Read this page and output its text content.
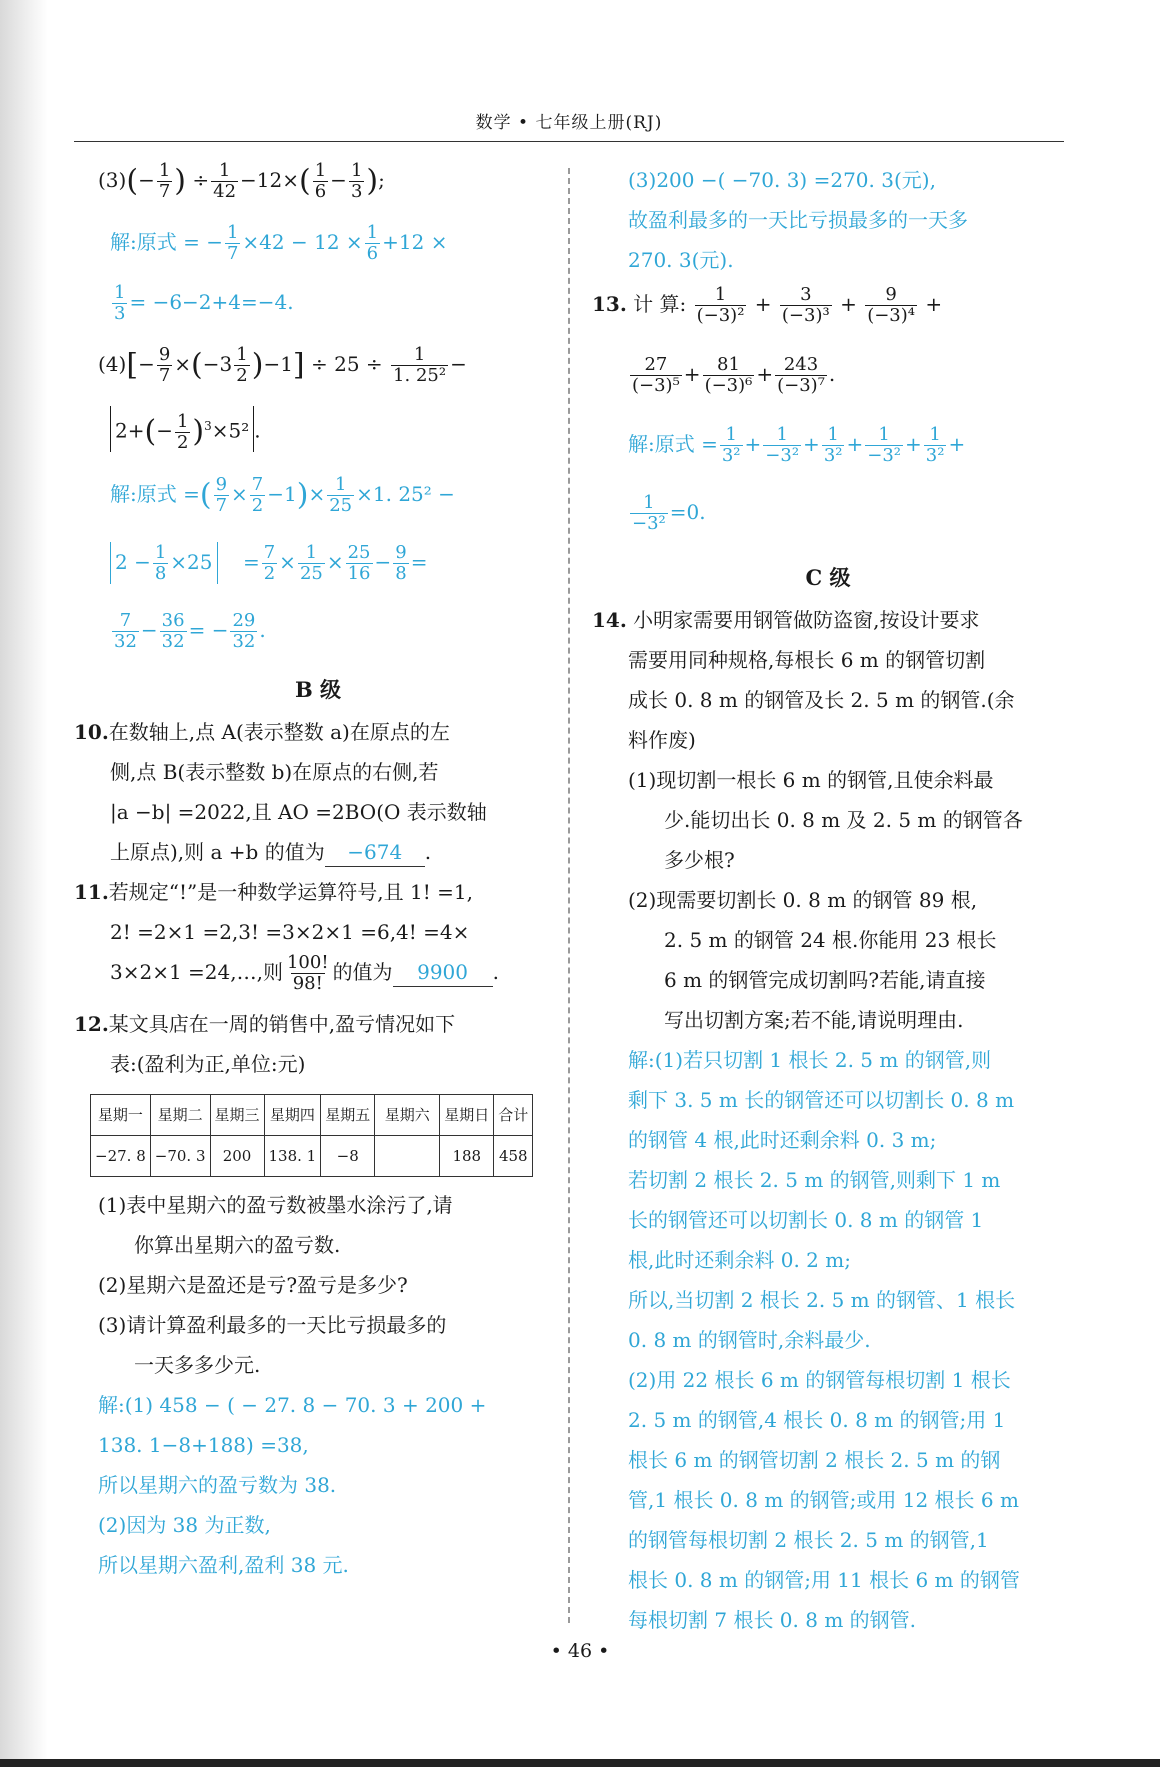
数学 • 七年级上册(RJ)
$(3)(- \frac{1}{7}$ ) ÷ $\frac{1}{42} -12\times( \frac{1}{6} - \frac{1}{3}$ );
解:原式 = − $\frac{1}{7} \times 42 - 12 \times \frac{1}{6} +12$ ×
$\frac{1}{3} = -6-2+4=-4$.
$(4)[- \frac{9}{7} \times(-3 \frac{1}{2} )-1] \div 25 \div \frac{1}{\text{1. 25²}}$ −
$2+(- \frac{1}{2} )^3\times 5^2$ .
解:原式 =( $\frac{9}{7} \times \frac{7}{2} -1)\times \frac{1}{25} \times 1$. 25² −
$2 - \frac{1}{8} \times 25 = \frac{7}{2} \times \frac{1}{25} \times \frac{25}{16} - \frac{9}{8}$ =
$\frac{7}{32} - \frac{36}{32}$ = − $\frac{29}{32}$ .
B 级
10.在数轴上,点 A(表示整数 a)在原点的左
侧,点 B(表示整数 b)在原点的右侧,若
|a −b| =2022,且 AO =2BO(O 表示数轴
上原点),则 a +b 的值为 −674 .
11.若规定“!”是一种数学运算符号,且 1! =1,
2! =2×1 =2,3! =3×2×1 =6,4! =4×
3×2×1 =24,…,则 $\frac{100!}{98!}$ 的值为 9900 .
12.某文具店在一周的销售中,盈亏情况如下
表:(盈利为正,单位:元)
星期一	星期二	星期三	星期四	星期五	星期六	星期日	合计
−27. 8	−70. 3	200	138. 1	−8		188	458
(1)表中星期六的盈亏数被墨水涂污了,请
你算出星期六的盈亏数.
(2)星期六是盈还是亏?盈亏是多少?
(3)请计算盈利最多的一天比亏损最多的
一天多多少元.
解:(1) 458 − ( − 27. 8 − 70. 3 + 200 +
138. 1−8+188) =38,
所以星期六的盈亏数为 38.
(2)因为 38 为正数,
所以星期六盈利,盈利 38 元.
(3)200 −( −70. 3) =270. 3(元),
故盈利最多的一天比亏损最多的一天多
270. 3(元).
13. 计 算: $\frac{1}{\text{(−3)²}} + \frac{3}{\text{(−3)³}} + \frac{9}{\text{(−3)⁴}}$ +
$\frac{27}{\text{(−3)⁵}} + \frac{81}{\text{(−3)⁶}} + \frac{243}{\text{(−3)⁷}}$ .
解:原式 = $\frac{1}{\text{3²}} + \frac{1}{\text{−3²}} + \frac{1}{\text{3²}} + \frac{1}{\text{−3²}} + \frac{1}{\text{3²}}$ +
$\frac{1}{\text{−3²}} =0$.
C 级
14. 小明家需要用钢管做防盗窗,按设计要求
需要用同种规格,每根长 6 m 的钢管切割
成长 0. 8 m 的钢管及长 2. 5 m 的钢管.(余
料作废)
(1)现切割一根长 6 m 的钢管,且使余料最
少.能切出长 0. 8 m 及 2. 5 m 的钢管各
多少根?
(2)现需要切割长 0. 8 m 的钢管 89 根,
2. 5 m 的钢管 24 根.你能用 23 根长
6 m 的钢管完成切割吗?若能,请直接
写出切割方案;若不能,请说明理由.
解:(1)若只切割 1 根长 2. 5 m 的钢管,则
剩下 3. 5 m 长的钢管还可以切割长 0. 8 m
的钢管 4 根,此时还剩余料 0. 3 m;
若切割 2 根长 2. 5 m 的钢管,则剩下 1 m
长的钢管还可以切割长 0. 8 m 的钢管 1
根,此时还剩余料 0. 2 m;
所以,当切割 2 根长 2. 5 m 的钢管、1 根长
0. 8 m 的钢管时,余料最少.
(2)用 22 根长 6 m 的钢管每根切割 1 根长
2. 5 m 的钢管,4 根长 0. 8 m 的钢管;用 1
根长 6 m 的钢管切割 2 根长 2. 5 m 的钢
管,1 根长 0. 8 m 的钢管;或用 12 根长 6 m
的钢管每根切割 2 根长 2. 5 m 的钢管,1
根长 0. 8 m 的钢管;用 11 根长 6 m 的钢管
每根切割 7 根长 0. 8 m 的钢管.
• 46 •
